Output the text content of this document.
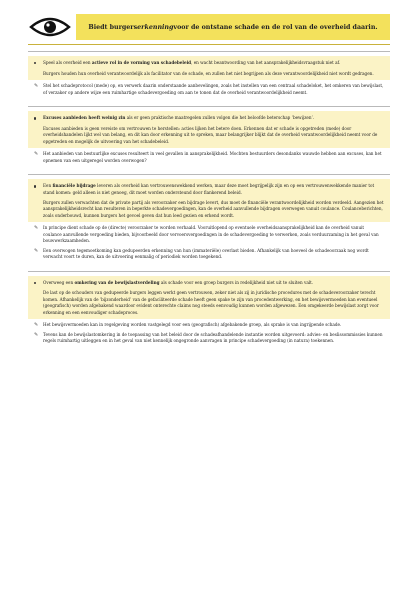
Biedt burgers erkenning voor de ontstane schade en de rol van de overheid daarin.
Speel als overheid een actieve rol in de vorming van schadebeleid, en wacht beantwoording van het aansprakelijkheidsvraagstuk niet af.
Burgers houden hun overheid verantwoordelijk als facilitator van de schade, en zullen het niet begrijpen als deze verantwoordelijkheid niet wordt gedragen.
✎	Stel het schadeprotocol (mede) op, en verwerk daarin onderstaande aanbevelingen, zoals het instellen van een centraal schadeloket, het omkeren van bewijslast, of verzaker op andere wijze een ruimhartige schadevergoeding om aan te tonen dat de overheid verantwoordelijkheid neemt.
Excuses aanbieden heeft weinig zin als er geen praktische maatregelen zullen volgen die het beloofde beterschap ‘bewijzen’.
Excuses aanbieden is geen vereiste om vertrouwen te herstellen: acties lijken het betere doen. Erkennen dat er schade is opgetreden (mede) door overheidshandelen lijkt wel van belang, en dit kan door erkenning uit te spreken, maar belangrijker blijkt dat de overheid verantwoordelijkheid neemt voor de opgetreden en mogelijk de uitvoering van het schadebeleid.
✎	Het aanbieden van bestuurlijke excuses resulteert in veel gevallen in aansprakelijkheid. Mochten bestuurders desondanks wauwde hebben aan excuses, kan het opnemen van een uitgeregel worden overwogen?
Een financiële bijdrage leveren als overheid kan vertrouwenswekkend werken, maar deze moet begrijpelijk zijn en op een vertrouwenwekkende manier tot stand komen: geld alleen is niet genoeg, dit moet worden ondersteund door flankerend beleid.
Burgers zullen verwachten dat de private partij als veroorzaker een bijdrage levert, dus moet de financiële verantwoordelijkheid worden verdeeld. Aangezien het aansprakelijkheidsrecht kan resulteren in beperkte schadevergoedingen, kan de overheid aanvullende bijdragen overwegen vanuit coulance. Coulanceberichten, zoals onderbouwd, kunnen burgers het gevoel geven dat hun leed gezien en erkend wordt.
✎	In principe dient schade op de (directe) veroorzaker te worden verhaald. Vooruitlopend op eventuele overheidsaansprakelijkheid kan de overheid vanuit coulance aanvullende vergoeding bieden, bijvoorbeeld door vervoersvergoedingen in de schadevergoeding te verwerken, zoals verduurzaming in het geval van bouwwerkzaamheden.
✎	Een overwogen tegemoetkoming kan gedupeerden erkenning van hun (immateriële) overlast bieden. Afhankelijk van hoeveel de schadeoorzaak nog wordt verwacht voort te duren, kan de uitvoering eenmalig of periodiek worden toegekend.
Overweeg een omkering van de bewijslastverdeling als schade voor een groep burgers in redelijkheid niet uit te sluiten valt.
De last op de schouders van gedupeerde burgers leggen werkt geen vertrouwen, zeker niet als zij in juridische procedures met de schadeveroorzaker terecht komen. Afhankelijk van de ‘bijzonderheid’ van de gefaciliteerde schade heeft geen spake te zijn van procedentwerking, en het bewijsvermoeden kan eventueel (geografisch) worden afgebakend waardoor evident onterechte claims nog steeds eenvoudig kunnen worden afgewezen. Een omgekeerde bewijslast zorgt voor erkenning en een eenvoudiger schadeproces.
✎	Het bewijsvermoeden kan in regelgeving worden vastgelegd voor een (geografisch) afgebakende groep, als sprake is van ingrijpende schade.
✎	Tevens kan de bewijslastomkering in de toepassing van het beleid door de schadeafhandelende instantie worden uitgevoerd: advies- en beslissommissies kunnen regels ruimhartig uitleggen en in het geval van niet kennelijk ongegronde aanvragen in principe schadevergoeding (in natura) toekennen.
